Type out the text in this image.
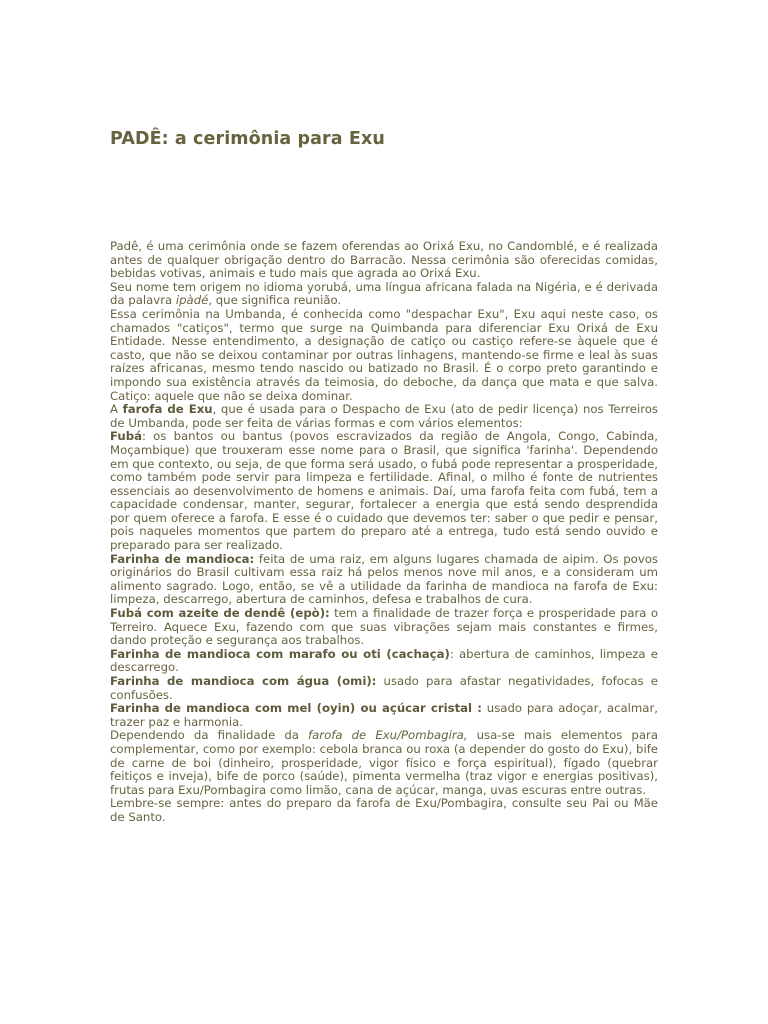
PADÊ: a cerimônia para Exu

Padê, é uma cerimônia onde se fazem oferendas ao Orixá Exu, no Candomblé, e é realizada antes de qualquer obrigação dentro do Barracão. Nessa cerimônia são oferecidas comidas, bebidas votivas, animais e tudo mais que agrada ao Orixá Exu.

Seu nome tem origem no idioma yorubá, uma língua africana falada na Nigéria, e é derivada da palavra ipàdé, que significa reunião.

Essa cerimônia na Umbanda, é conhecida como "despachar Exu", Exu aqui neste caso, os chamados "catiços", termo que surge na Quimbanda para diferenciar Exu Orixá de Exu Entidade. Nesse entendimento, a designação de catiço ou castiço refere-se àquele que é casto, que não se deixou contaminar por outras linhagens, mantendo-se firme e leal às suas raízes africanas, mesmo tendo nascido ou batizado no Brasil. É o corpo preto garantindo e impondo sua existência através da teimosia, do deboche, da dança que mata e que salva. Catiço: aquele que não se deixa dominar.

A farofa de Exu, que é usada para o Despacho de Exu (ato de pedir licença) nos Terreiros de Umbanda, pode ser feita de várias formas e com vários elementos:

Fubá: os bantos ou bantus (povos escravizados da região de Angola, Congo, Cabinda, Moçambique) que trouxeram esse nome para o Brasil, que significa 'farinha'. Dependendo em que contexto, ou seja, de que forma será usado, o fubá pode representar a prosperidade, como também pode servir para limpeza e fertilidade. Afinal, o milho é fonte de nutrientes essenciais ao desenvolvimento de homens e animais. Daí, uma farofa feita com fubá, tem a capacidade condensar, manter, segurar, fortalecer a energia que está sendo desprendida por quem oferece a farofa. E esse é o cuidado que devemos ter: saber o que pedir e pensar, pois naqueles momentos que partem do preparo até a entrega, tudo está sendo ouvido e preparado para ser realizado.

Farinha de mandioca: feita de uma raiz, em alguns lugares chamada de aipim. Os povos originários do Brasil cultivam essa raiz há pelos menos nove mil anos, e a consideram um alimento sagrado. Logo, então, se vê a utilidade da farinha de mandioca na farofa de Exu: limpeza, descarrego, abertura de caminhos, defesa e trabalhos de cura.

Fubá com azeite de dendê (epò): tem a finalidade de trazer força e prosperidade para o Terreiro. Aquece Exu, fazendo com que suas vibrações sejam mais constantes e firmes, dando proteção e segurança aos trabalhos.

Farinha de mandioca com marafo ou oti (cachaça): abertura de caminhos, limpeza e descarrego.

Farinha de mandioca com água (omi): usado para afastar negatividades, fofocas e confusões.

Farinha de mandioca com mel (oyin) ou açúcar cristal : usado para adoçar, acalmar, trazer paz e harmonia.

Dependendo da finalidade da farofa de Exu/Pombagira, usa-se mais elementos para complementar, como por exemplo: cebola branca ou roxa (a depender do gosto do Exu), bife de carne de boi (dinheiro, prosperidade, vigor físico e força espiritual), fígado (quebrar feitiços e inveja), bife de porco (saúde), pimenta vermelha (traz vigor e energias positivas), frutas para Exu/Pombagira como limão, cana de açúcar, manga, uvas escuras entre outras.

Lembre-se sempre: antes do preparo da farofa de Exu/Pombagira, consulte seu Pai ou Mãe de Santo.
